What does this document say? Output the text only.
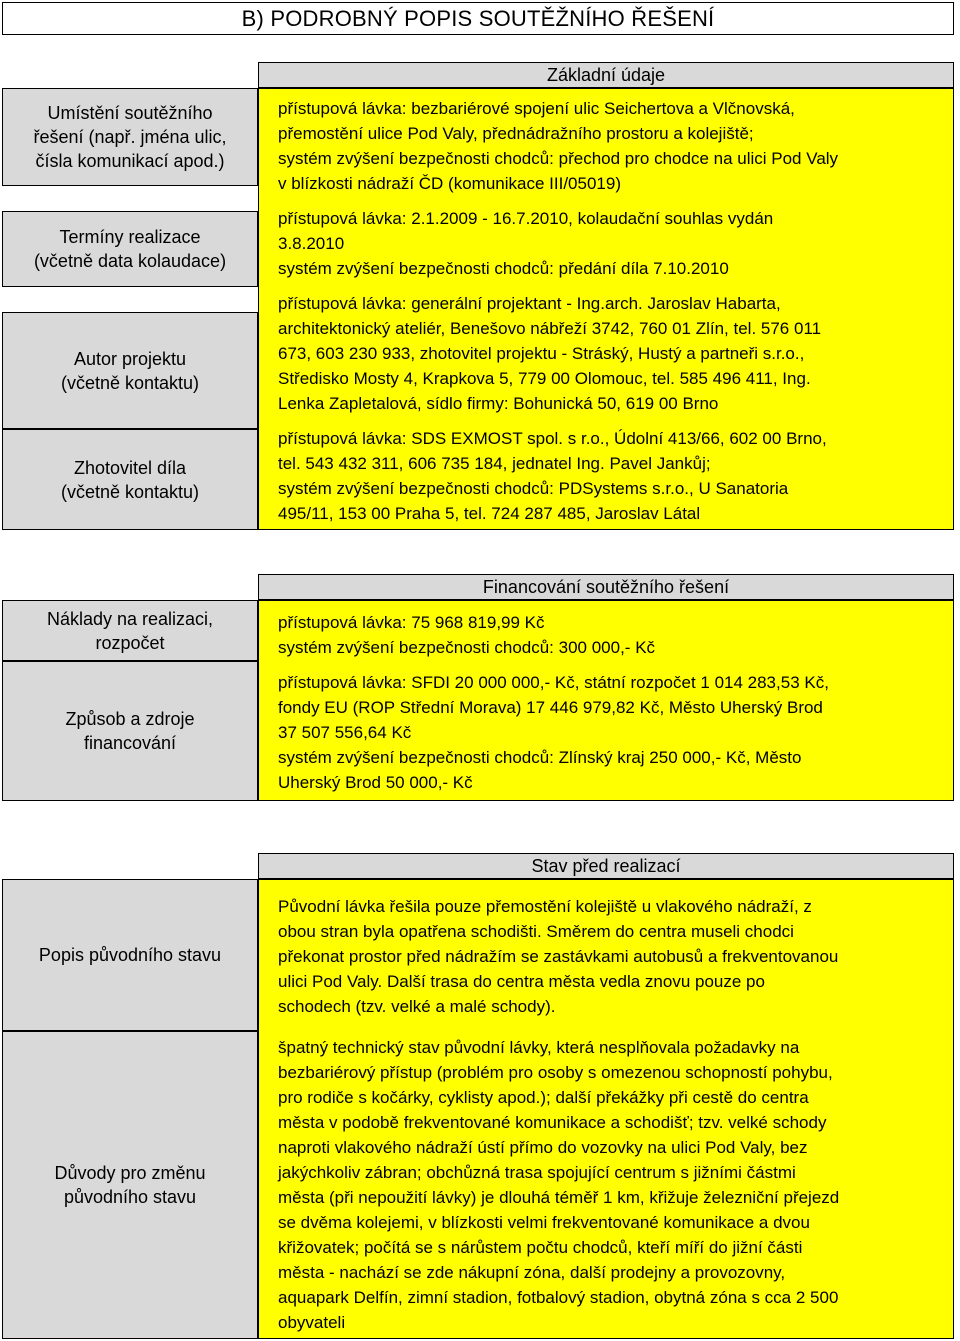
B) PODROBNÝ POPIS SOUTĚŽNÍHO ŘEŠENÍ
Umístění soutěžního
řešení (např. jména ulic,
čísla komunikací apod.)
Termíny realizace
(včetně data kolaudace)
Autor projektu
(včetně kontaktu)
Zhotovitel díla
(včetně kontaktu)
Základní údaje

přístupová lávka: bezbariérové spojení ulic Seichertova a Vlčnovská,
přemostění ulice Pod Valy, přednádražního prostoru a kolejiště;
systém zvýšení bezpečnosti chodců: přechod pro chodce na ulici Pod Valy
v blízkosti nádraží ČD (komunikace III/05019)

přístupová lávka: 2.1.2009 - 16.7.2010, kolaudační souhlas vydán
3.8.2010
systém zvýšení bezpečnosti chodců: předání díla 7.10.2010

přístupová lávka: generální projektant - Ing.arch. Jaroslav Habarta,
architektonický ateliér, Benešovo nábřeží 3742, 760 01 Zlín, tel. 576 011
673, 603 230 933, zhotovitel projektu - Stráský, Hustý a partneři s.r.o.,
Středisko Mosty 4, Krapkova 5, 779 00 Olomouc, tel. 585 496 411, Ing.
Lenka Zapletalová, sídlo firmy: Bohunická 50, 619 00 Brno

přístupová lávka: SDS EXMOST spol. s r.o., Údolní 413/66, 602 00 Brno,
tel. 543 432 311, 606 735 184, jednatel Ing. Pavel Jankůj;
systém zvýšení bezpečnosti chodců: PDSystems s.r.o., U Sanatoria
495/11, 153 00 Praha 5, tel. 724 287 485, Jaroslav Látal

Náklady na realizaci,
rozpočet
Způsob a zdroje
financování
Financování soutěžního řešení

přístupová lávka: 75 968 819,99 Kč
systém zvýšení bezpečnosti chodců: 300 000,- Kč

přístupová lávka: SFDI 20 000 000,- Kč, státní rozpočet 1 014 283,53 Kč,
fondy EU (ROP Střední Morava) 17 446 979,82 Kč, Město Uherský Brod
37 507 556,64 Kč
systém zvýšení bezpečnosti chodců: Zlínský kraj 250 000,- Kč, Město
Uherský Brod 50 000,- Kč

Popis původního stavu
Důvody pro změnu
původního stavu
Stav před realizací

Původní lávka řešila pouze přemostění kolejiště u vlakového nádraží, z
obou stran byla opatřena schodišti. Směrem do centra museli chodci
překonat prostor před nádražím se zastávkami autobusů a frekventovanou
ulici Pod Valy. Další trasa do centra města vedla znovu pouze po
schodech (tzv. velké a malé schody).

špatný technický stav původní lávky, která nesplňovala požadavky na
bezbariérový přístup (problém pro osoby s omezenou schopností pohybu,
pro rodiče s kočárky, cyklisty apod.); další překážky při cestě do centra
města v podobě frekventované komunikace a schodišť; tzv. velké schody
naproti vlakového nádraží ústí přímo do vozovky na ulici Pod Valy, bez
jakýchkoliv zábran; obchůzná trasa spojující centrum s jižními částmi
města (při nepoužití lávky) je dlouhá téměř 1 km, křižuje železniční přejezd
se dvěma kolejemi, v blízkosti velmi frekventované komunikace a dvou
křižovatek; počítá se s nárůstem počtu chodců, kteří míří do jižní části
města - nachází se zde nákupní zóna, další prodejny a provozovny,
aquapark Delfín, zimní stadion, fotbalový stadion, obytná zóna s cca 2 500
obyvateli
